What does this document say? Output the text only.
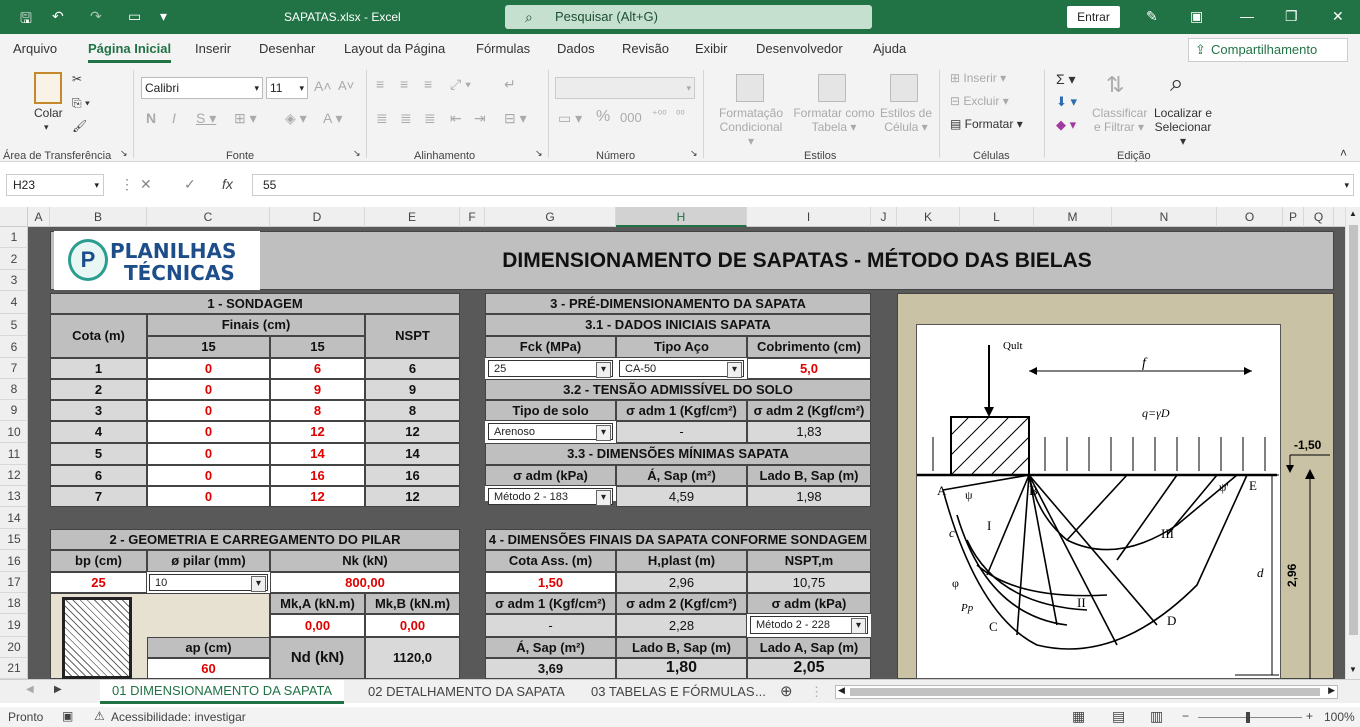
🖫 ↶ ↷ ▭ ▾	SAPATAS.xlsx - Excel	⌕ Pesquisar (Alt+G)	Entrar	✎ ▣	— ❐ ✕
Arquivo Página Inicial Inserir Desenhar Layout da Página Fórmulas Dados Revisão Exibir Desenvolvedor Ajuda	⇪ Compartilhamento
Colar
▾
✂
⎘ ▾
🖌
Área de Transferência ↘
Calibri	▾ 11 ▾ A˄ A˅
N I S ▾ ⊞ ▾ ◈ ▾ A ▾
Fonte	↘
≡ ≡ ≡ ⤢ ▾ ↵
≣ ≣ ≣ ⇤ ⇥ ⊟ ▾
Alinhamento	↘
▾
▭ ▾ % 000 ⁺⁰⁰ ⁰⁰
Número	↘
Formatação
Condicional ▾
Formatar como
Tabela ▾
Estilos de
Célula ▾
Estilos
⊞ Inserir ▾
⊟ Excluir ▾
▤ Formatar ▾
Células
Σ ▾
⬇ ▾
◆ ▾
⇅
Classificar
e Filtrar ▾
⌕
Localizar e
Selecionar ▾
Edição	˄
H23	▾ ⋮ ✕ ✓ fx	55	▾
A	B	C	D	E	F	G	H	I	J	K	L	M	N	O	P	Q
1
2
3
4
5
6
7
8
9
10
11
12
13
14
15
16
17
18
19
20
21
P PLANILHAS
TÉCNICAS
DIMENSIONAMENTO DE SAPATAS - MÉTODO DAS BIELAS
1 - SONDAGEM
Cota (m)
Finais (cm)
15	15
NSPT
1	0	6	6
2	0	9	9
3	0	8	8
4	0	12	12
5	0	14	14
6	0	16	16
7	0	12	12
2 - GEOMETRIA E CARREGAMENTO DO PILAR
bp (cm)	ø pilar (mm)	Nk (kN)
25	10 ▾	800,00
Mk,A (kN.m)	Mk,B (kN.m)
0,00	0,00
ap (cm)
60
Nd (kN)	1120,0
3 - PRÉ-DIMENSIONAMENTO DA SAPATA
3.1 - DADOS INICIAIS SAPATA
Fck (MPa)	Tipo Aço	Cobrimento (cm)
25 ▾	CA-50 ▾	5,0
3.2 - TENSÃO ADMISSÍVEL DO SOLO
Tipo de solo	σ adm 1 (Kgf/cm²)	σ adm 2 (Kgf/cm²)
Arenoso ▾	-	1,83
3.3 - DIMENSÕES MÍNIMAS SAPATA
σ adm (kPa)	Á, Sap (m²)	Lado B, Sap (m)
Método 2 - 183 ▾	4,59	1,98
4 - DIMENSÕES FINAIS DA SAPATA CONFORME SONDAGEM
Cota Ass. (m)	H,plast (m)	NSPT,m
1,50	2,96	10,75
σ adm 1 (Kgf/cm²)	σ adm 2 (Kgf/cm²)	σ adm (kPa)
-	2,28	Método 2 - 228 ▾
Á, Sap (m²)	Lado B, Sap (m)	Lado A, Sap (m)
3,69	1,80	2,05
Qult
f
q=γD
A	B	E
D
C
c I
II
III
d
ψ
ψ'
Pp
φ
-1,50
2,96
▲
▼
◀ ▶	01 DIMENSIONAMENTO DA SAPATA	02 DETALHAMENTO DA SAPATA 03 TABELAS E FÓRMULAS ... ⊕ ⋮ ◀	▶
Pronto ▣ ⚠ Acessibilidade: investigar	▦ ▤ ▥ −	+ 100%
